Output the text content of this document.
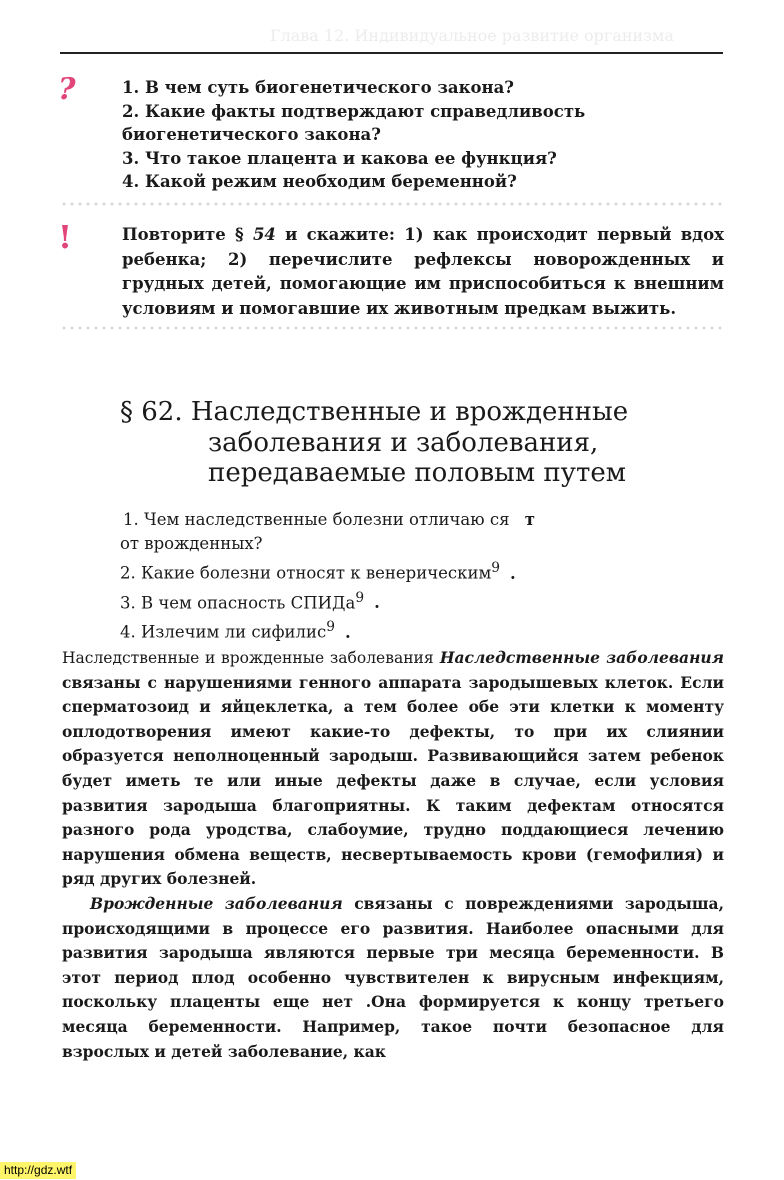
Глава 12. Индивидуальное развитие организма
?	1. В чем суть биогенетического закона?
2. Какие факты подтверждают справедливость биогенетического закона?
3. Что такое плацента и какова ее функция?
4. Какой режим необходим беременной?
!	Повторите § 54 и скажите: 1) как происходит первый вдох ребенка; 2) перечислите рефлексы новорожденных и грудных детей, помогающие им приспособиться к внешним условиям и помогавшие их животным предкам выжить.
§ 62. Наследственные и врожденные
заболевания и заболевания,
передаваемые половым путем
1. Чем наследственные болезни отличаю ся т
от врожденных?
2. Какие болезни относят к венерическим$^9$ .
3. В чем опасность СПИДа$^9$ .
4. Излечим ли сифилис$^9$ .

Наследственные и врожденные заболевания Наследственные заболевания связаны с нарушениями генного аппарата зародышевых клеток. Если сперматозоид и яйцеклетка, а тем более обе эти клетки к моменту оплодотворения имеют какие-то дефекты, то при их слиянии образуется неполноценный зародыш. Развивающийся затем ребенок будет иметь те или иные дефекты даже в случае, если условия развития зародыша благоприятны. К таким дефектам относятся разного рода уродства, слабоумие, трудно поддающиеся лечению нарушения обмена веществ, несвертываемость крови (гемофилия) и ряд других болезней.

Врожденные заболевания связаны с повреждениями зародыша, происходящими в процессе его развития. Наиболее опасными для развития зародыша являются первые три месяца беременности. В этот период плод особенно чувствителен к вирусным инфекциям, поскольку плаценты еще нет .Она формируется к концу третьего месяца беременности. Например, такое почти безопасное для взрослых и детей заболевание, как

http://gdz.wtf
